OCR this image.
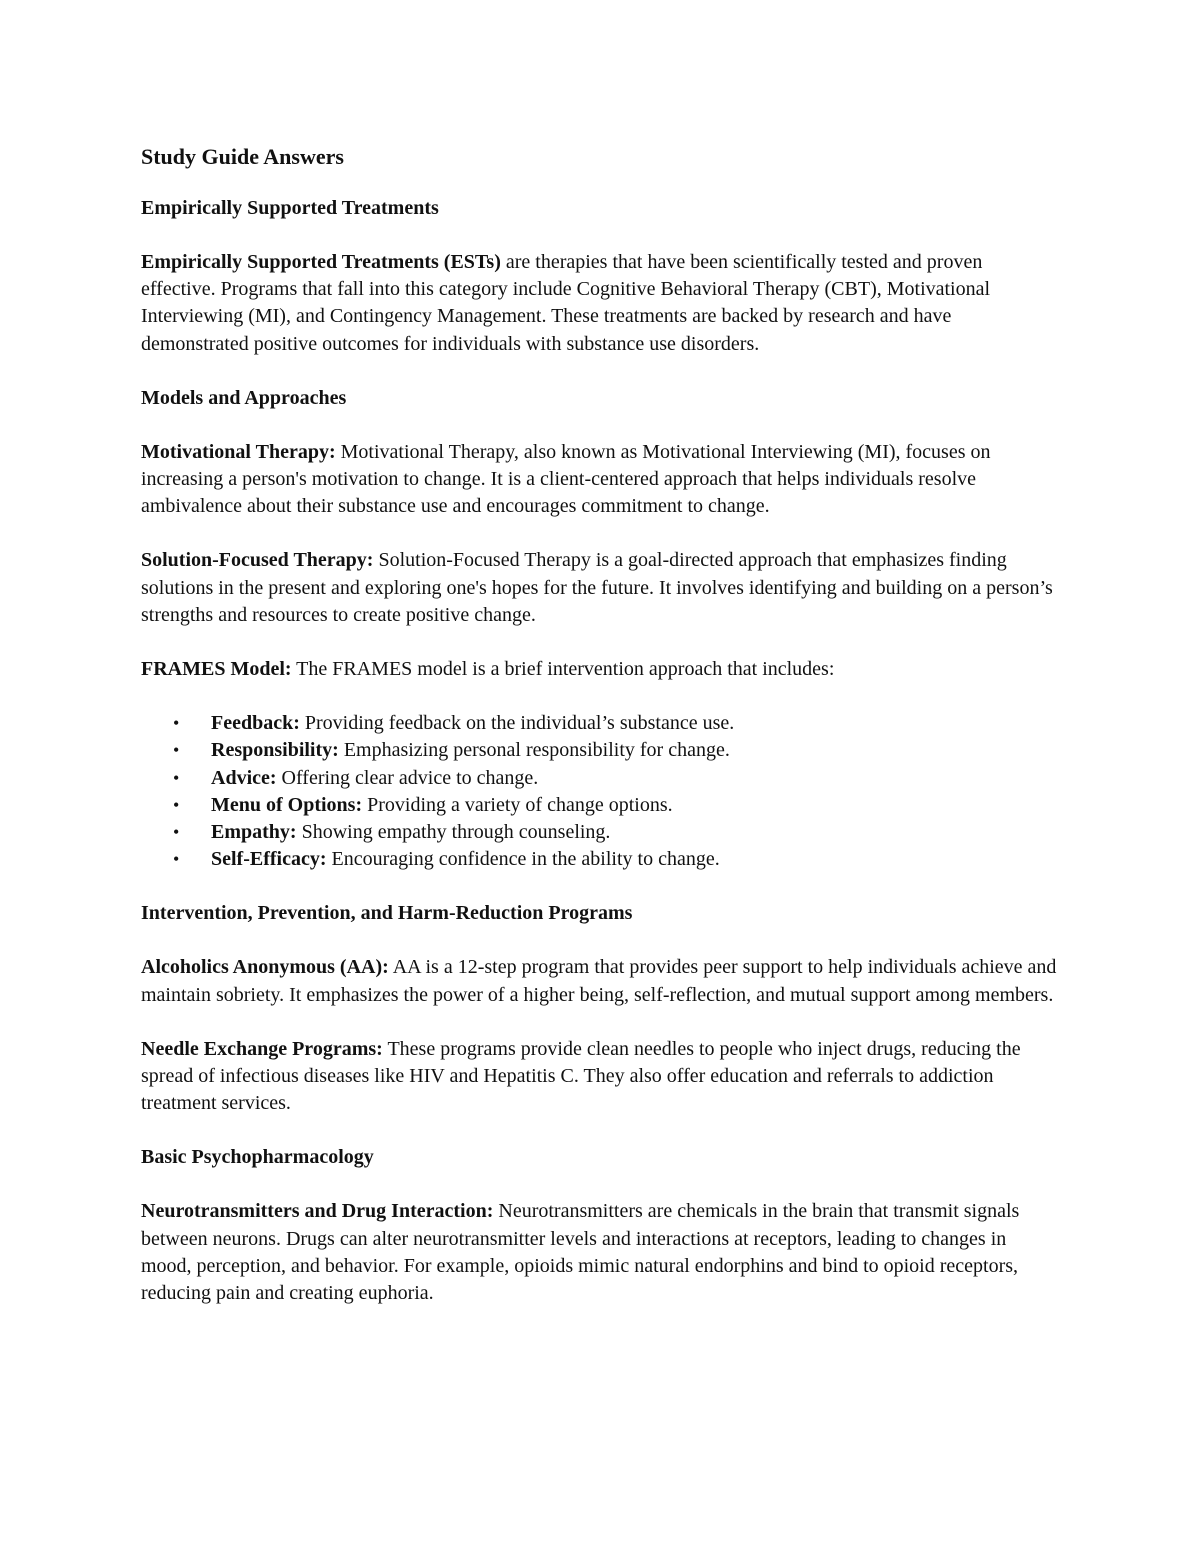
Study Guide Answers
Empirically Supported Treatments

Empirically Supported Treatments (ESTs) are therapies that have been scientifically tested and proven effective. Programs that fall into this category include Cognitive Behavioral Therapy (CBT), Motivational Interviewing (MI), and Contingency Management. These treatments are backed by research and have demonstrated positive outcomes for individuals with substance use disorders.

Models and Approaches

Motivational Therapy: Motivational Therapy, also known as Motivational Interviewing (MI), focuses on increasing a person's motivation to change. It is a client-centered approach that helps individuals resolve ambivalence about their substance use and encourages commitment to change.

Solution-Focused Therapy: Solution-Focused Therapy is a goal-directed approach that emphasizes finding solutions in the present and exploring one's hopes for the future. It involves identifying and building on a person’s strengths and resources to create positive change.

FRAMES Model: The FRAMES model is a brief intervention approach that includes:

• Feedback: Providing feedback on the individual’s substance use.
• Responsibility: Emphasizing personal responsibility for change.
• Advice: Offering clear advice to change.
• Menu of Options: Providing a variety of change options.
• Empathy: Showing empathy through counseling.
• Self-Efficacy: Encouraging confidence in the ability to change.
Intervention, Prevention, and Harm-Reduction Programs

Alcoholics Anonymous (AA): AA is a 12-step program that provides peer support to help individuals achieve and maintain sobriety. It emphasizes the power of a higher being, self-reflection, and mutual support among members.

Needle Exchange Programs: These programs provide clean needles to people who inject drugs, reducing the spread of infectious diseases like HIV and Hepatitis C. They also offer education and referrals to addiction treatment services.

Basic Psychopharmacology

Neurotransmitters and Drug Interaction: Neurotransmitters are chemicals in the brain that transmit signals between neurons. Drugs can alter neurotransmitter levels and interactions at receptors, leading to changes in mood, perception, and behavior. For example, opioids mimic natural endorphins and bind to opioid receptors, reducing pain and creating euphoria.
